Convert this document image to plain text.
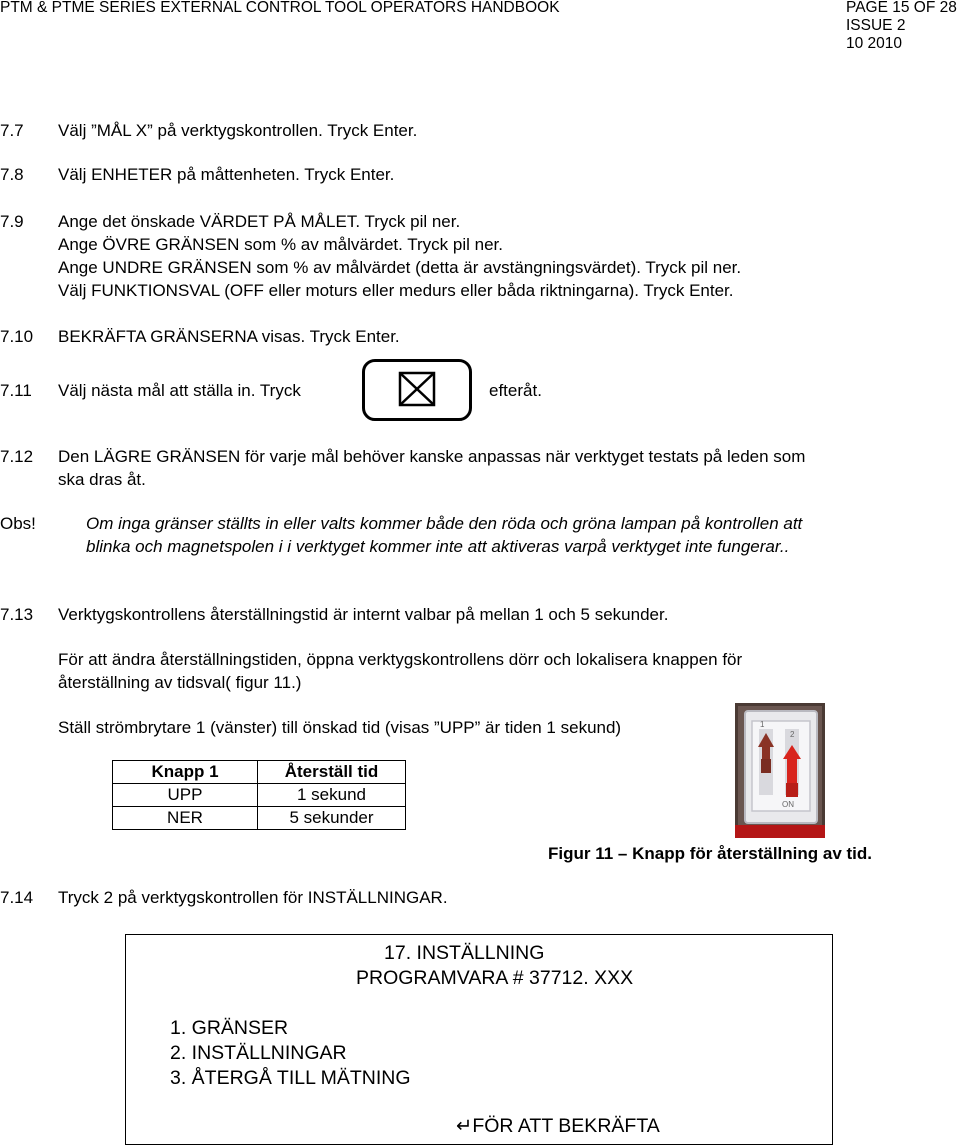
PTM & PTME SERIES EXTERNAL CONTROL TOOL OPERATORS HANDBOOK	PAGE 15 OF 28
ISSUE 2
10 2010
7.7 Välj ”MÅL X” på verktygskontrollen. Tryck Enter.
7.8 Välj ENHETER på måttenheten. Tryck Enter.
7.9 Ange det önskade VÄRDET PÅ MÅLET. Tryck pil ner.
Ange ÖVRE GRÄNSEN som % av målvärdet. Tryck pil ner.
Ange UNDRE GRÄNSEN som % av målvärdet (detta är avstängningsvärdet). Tryck pil ner.
Välj FUNKTIONSVAL (OFF eller moturs eller medurs eller båda riktningarna). Tryck Enter.
7.10 BEKRÄFTA GRÄNSERNA visas. Tryck Enter.
7.11 Välj nästa mål att ställa in. Tryck	efteråt.
7.12 Den LÄGRE GRÄNSEN för varje mål behöver kanske anpassas när verktyget testats på leden som
ska dras åt.
Obs!	Om inga gränser ställts in eller valts kommer både den röda och gröna lampan på kontrollen att
blinka och magnetspolen i i verktyget kommer inte att aktiveras varpå verktyget inte fungerar..
7.13 Verktygskontrollens återställningstid är internt valbar på mellan 1 och 5 sekunder.
För att ändra återställningstiden, öppna verktygskontrollens dörr och lokalisera knappen för
återställning av tidsval( figur 11.)
Ställ strömbrytare 1 (vänster) till önskad tid (visas ”UPP” är tiden 1 sekund)
Knapp 1	Återställ tid
UPP	1 sekund
NER	5 sekunder
1
2
ON
Figur 11 – Knapp för återställning av tid.
7.14 Tryck 2 på verktygskontrollen för INSTÄLLNINGAR.
17. INSTÄLLNING
PROGRAMVARA # 37712. XXX
1. GRÄNSER
2. INSTÄLLNINGAR
3. ÅTERGÅ TILL MÄTNING
↵FÖR ATT BEKRÄFTA
